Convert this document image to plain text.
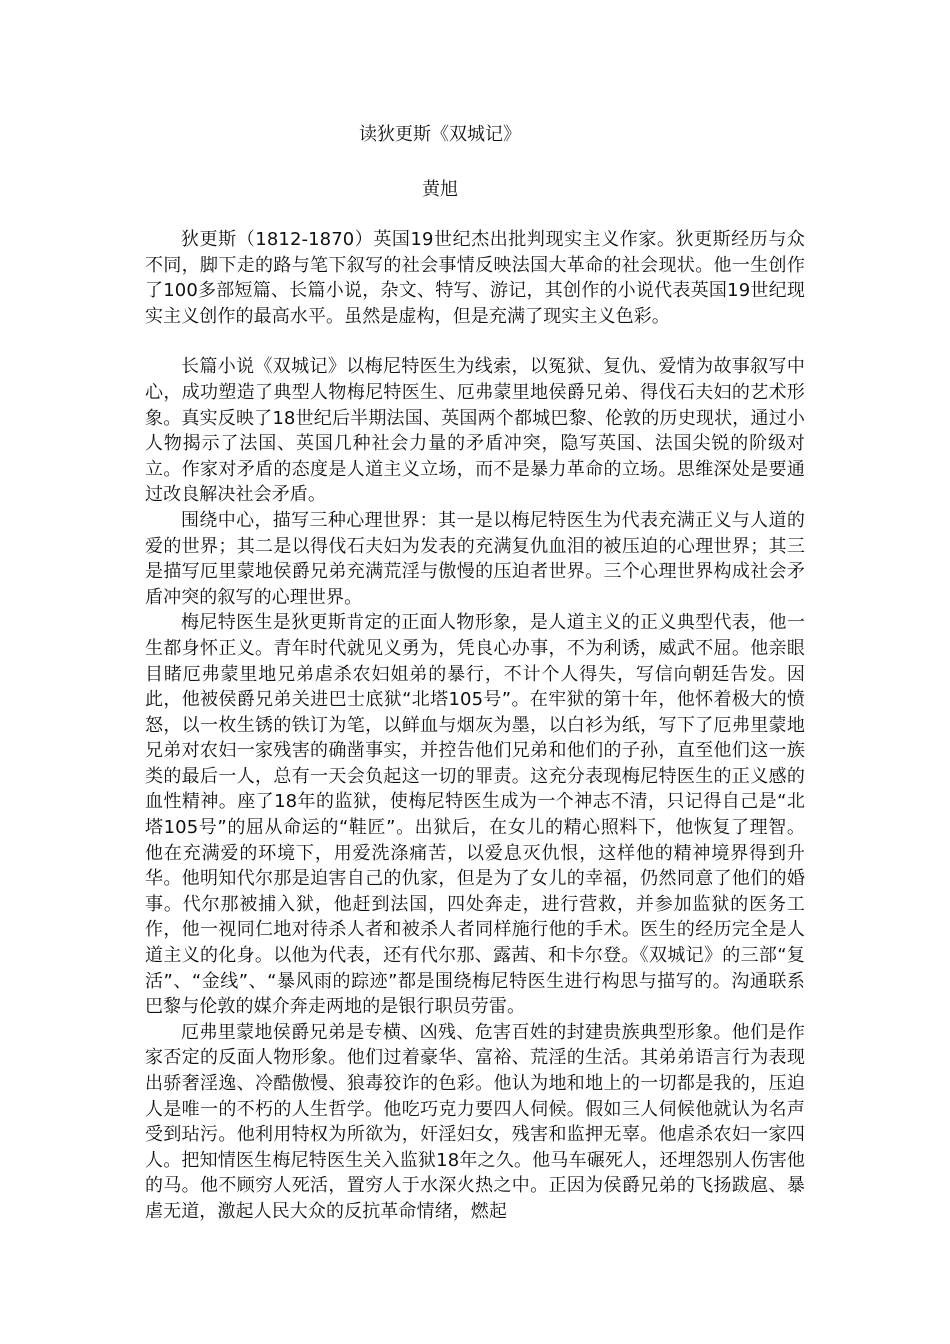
读狄更斯《双城记》
黄旭

狄更斯（1812-1870）英国19世纪杰出批判现实主义作家。狄更斯经历与众不同，脚下走的路与笔下叙写的社会事情反映法国大革命的社会现状。他一生创作了100多部短篇、长篇小说，杂文、特写、游记，其创作的小说代表英国19世纪现实主义创作的最高水平。虽然是虚构，但是充满了现实主义色彩。

长篇小说《双城记》以梅尼特医生为线索，以冤狱、复仇、爱情为故事叙写中心，成功塑造了典型人物梅尼特医生、厄弗蒙里地侯爵兄弟、得伐石夫妇的艺术形象。真实反映了18世纪后半期法国、英国两个都城巴黎、伦敦的历史现状，通过小人物揭示了法国、英国几种社会力量的矛盾冲突，隐写英国、法国尖锐的阶级对立。作家对矛盾的态度是人道主义立场，而不是暴力革命的立场。思维深处是要通过改良解决社会矛盾。

围绕中心，描写三种心理世界：其一是以梅尼特医生为代表充满正义与人道的爱的世界；其二是以得伐石夫妇为发表的充满复仇血泪的被压迫的心理世界；其三是描写厄里蒙地侯爵兄弟充满荒淫与傲慢的压迫者世界。三个心理世界构成社会矛盾冲突的叙写的心理世界。

梅尼特医生是狄更斯肯定的正面人物形象，是人道主义的正义典型代表，他一生都身怀正义。青年时代就见义勇为，凭良心办事，不为利诱，威武不屈。他亲眼目睹厄弗蒙里地兄弟虐杀农妇姐弟的暴行，不计个人得失，写信向朝廷告发。因此，他被侯爵兄弟关进巴士底狱“北塔105号”。在牢狱的第十年，他怀着极大的愤怒，以一枚生锈的铁订为笔，以鲜血与烟灰为墨，以白衫为纸，写下了厄弗里蒙地兄弟对农妇一家残害的确凿事实，并控告他们兄弟和他们的子孙，直至他们这一族类的最后一人，总有一天会负起这一切的罪责。这充分表现梅尼特医生的正义感的血性精神。座了18年的监狱，使梅尼特医生成为一个神志不清，只记得自己是“北塔105号”的屈从命运的“鞋匠”。出狱后，在女儿的精心照料下，他恢复了理智。他在充满爱的环境下，用爱洗涤痛苦，以爱息灭仇恨，这样他的精神境界得到升华。他明知代尔那是迫害自己的仇家，但是为了女儿的幸福，仍然同意了他们的婚事。代尔那被捕入狱，他赶到法国，四处奔走，进行营救，并参加监狱的医务工作，他一视同仁地对待杀人者和被杀人者同样施行他的手术。医生的经历完全是人道主义的化身。以他为代表，还有代尔那、露茜、和卡尔登。《双城记》的三部“复活”、“金线”、“暴风雨的踪迹”都是围绕梅尼特医生进行构思与描写的。沟通联系巴黎与伦敦的媒介奔走两地的是银行职员劳雷。

厄弗里蒙地侯爵兄弟是专横、凶残、危害百姓的封建贵族典型形象。他们是作家否定的反面人物形象。他们过着豪华、富裕、荒淫的生活。其弟弟语言行为表现出骄奢淫逸、冷酷傲慢、狼毒狡诈的色彩。他认为地和地上的一切都是我的，压迫人是唯一的不朽的人生哲学。他吃巧克力要四人伺候。假如三人伺候他就认为名声受到玷污。他利用特权为所欲为，奸淫妇女，残害和监押无辜。他虐杀农妇一家四人。把知情医生梅尼特医生关入监狱18年之久。他马车碾死人，还埋怨别人伤害他的马。他不顾穷人死活，置穷人于水深火热之中。正因为侯爵兄弟的飞扬跋扈、暴虐无道，激起人民大众的反抗革命情绪，燃起
